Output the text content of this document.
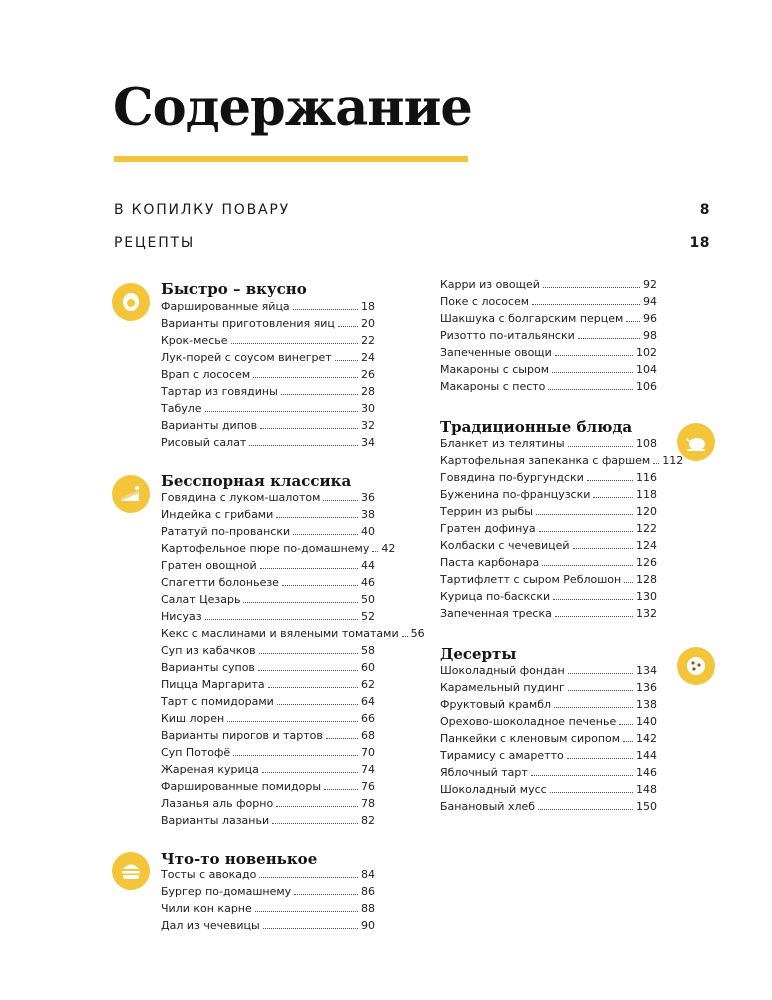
Содержание
В КОПИЛКУ ПОВАРУ	8
РЕЦЕПТЫ	18
Быстро – вкусно
Фаршированные яйца	18
Варианты приготовления яиц 20
Крок-месье	22
Лук-порей с соусом винегрет	24
Врап с лососем	26
Тартар из говядины	28
Табуле	30
Варианты дипов	32
Рисовый салат	34
Бесспорная классика
Говядина с луком-шалотом	36
Индейка с грибами	38
Рататуй по-провански	40
Картофельное пюре по-домашнему 42
Гратен овощной	44
Спагетти болоньезе	46
Салат Цезарь	50
Нисуаз	52
Кекс с маслинами и вялеными томатами 56
Суп из кабачков	58
Варианты супов	60
Пицца Маргарита	62
Тарт с помидорами	64
Киш лорен	66
Варианты пирогов и тартов	68
Суп Потофё	70
Жареная курица	74
Фаршированные помидоры	76
Лазанья аль форно	78
Варианты лазаньи	82
Что-то новенькое
Тосты с авокадо	84
Бургер по-домашнему	86
Чили кон карне	88
Дал из чечевицы	90
Карри из овощей	92
Поке с лососем	94
Шакшука с болгарским перцем 96
Ризотто по-итальянски	98
Запеченные овощи	102
Макароны с сыром	104
Макароны с песто	106
Традиционные блюда
Бланкет из телятины	108
Картофельная запеканка с фаршем 112
Говядина по-бургундски	116
Буженина по-французски	118
Террин из рыбы	120
Гратен дофинуа	122
Колбаски с чечевицей	124
Паста карбонара	126
Тартифлетт с сыром Реблошон 128
Курица по-баскски	130
Запеченная треска	132
Десерты
Шоколадный фондан	134
Карамельный пудинг	136
Фруктовый крамбл	138
Орехово-шоколадное печенье 140
Панкейки с кленовым сиропом 142
Тирамису с амаретто	144
Яблочный тарт	146
Шоколадный мусс	148
Банановый хлеб	150
